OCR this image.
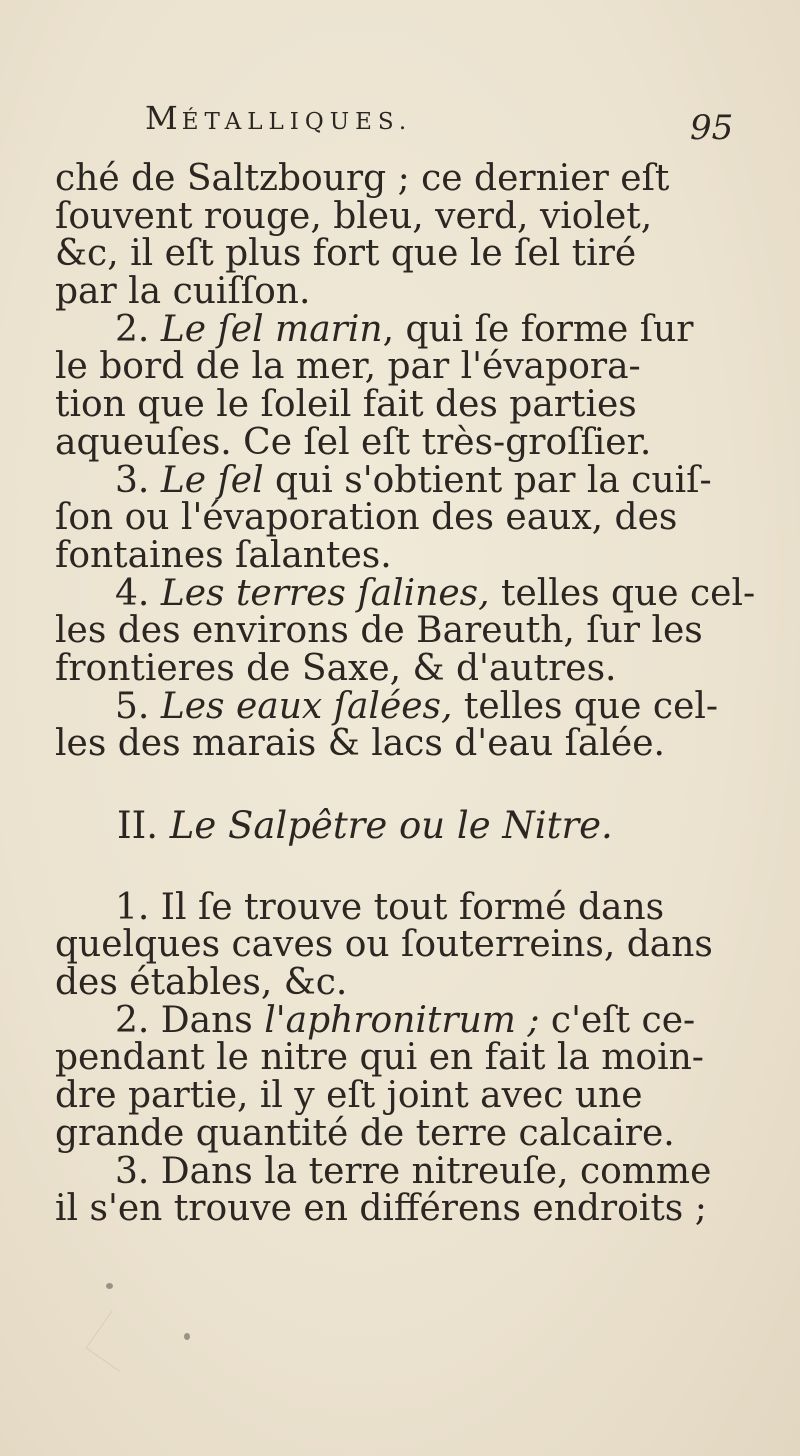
MÉTALLIQUES.	95
ché de Saltzbourg ; ce dernier eſt
ſouvent rouge, bleu, verd, violet,
&c, il eſt plus fort que le ſel tiré
par la cuiſſon.
2. Le ſel marin, qui ſe forme ſur
le bord de la mer, par l'évapora-
tion que le ſoleil fait des parties
aqueuſes. Ce ſel eſt très-groſſier.
3. Le ſel qui s'obtient par la cuiſ-
ſon ou l'évaporation des eaux, des
fontaines ſalantes.
4. Les terres ſalines, telles que cel-
les des environs de Bareuth, ſur les
frontieres de Saxe, & d'autres.
5. Les eaux ſalées, telles que cel-
les des marais & lacs d'eau ſalée.
II. Le Salpêtre ou le Nitre.
1. Il ſe trouve tout formé dans
quelques caves ou ſouterreins, dans
des étables, &c.
2. Dans l'aphronitrum ; c'eſt ce-
pendant le nitre qui en fait la moin-
dre partie, il y eſt joint avec une
grande quantité de terre calcaire.
3. Dans la terre nitreuſe, comme
il s'en trouve en différens endroits ;
